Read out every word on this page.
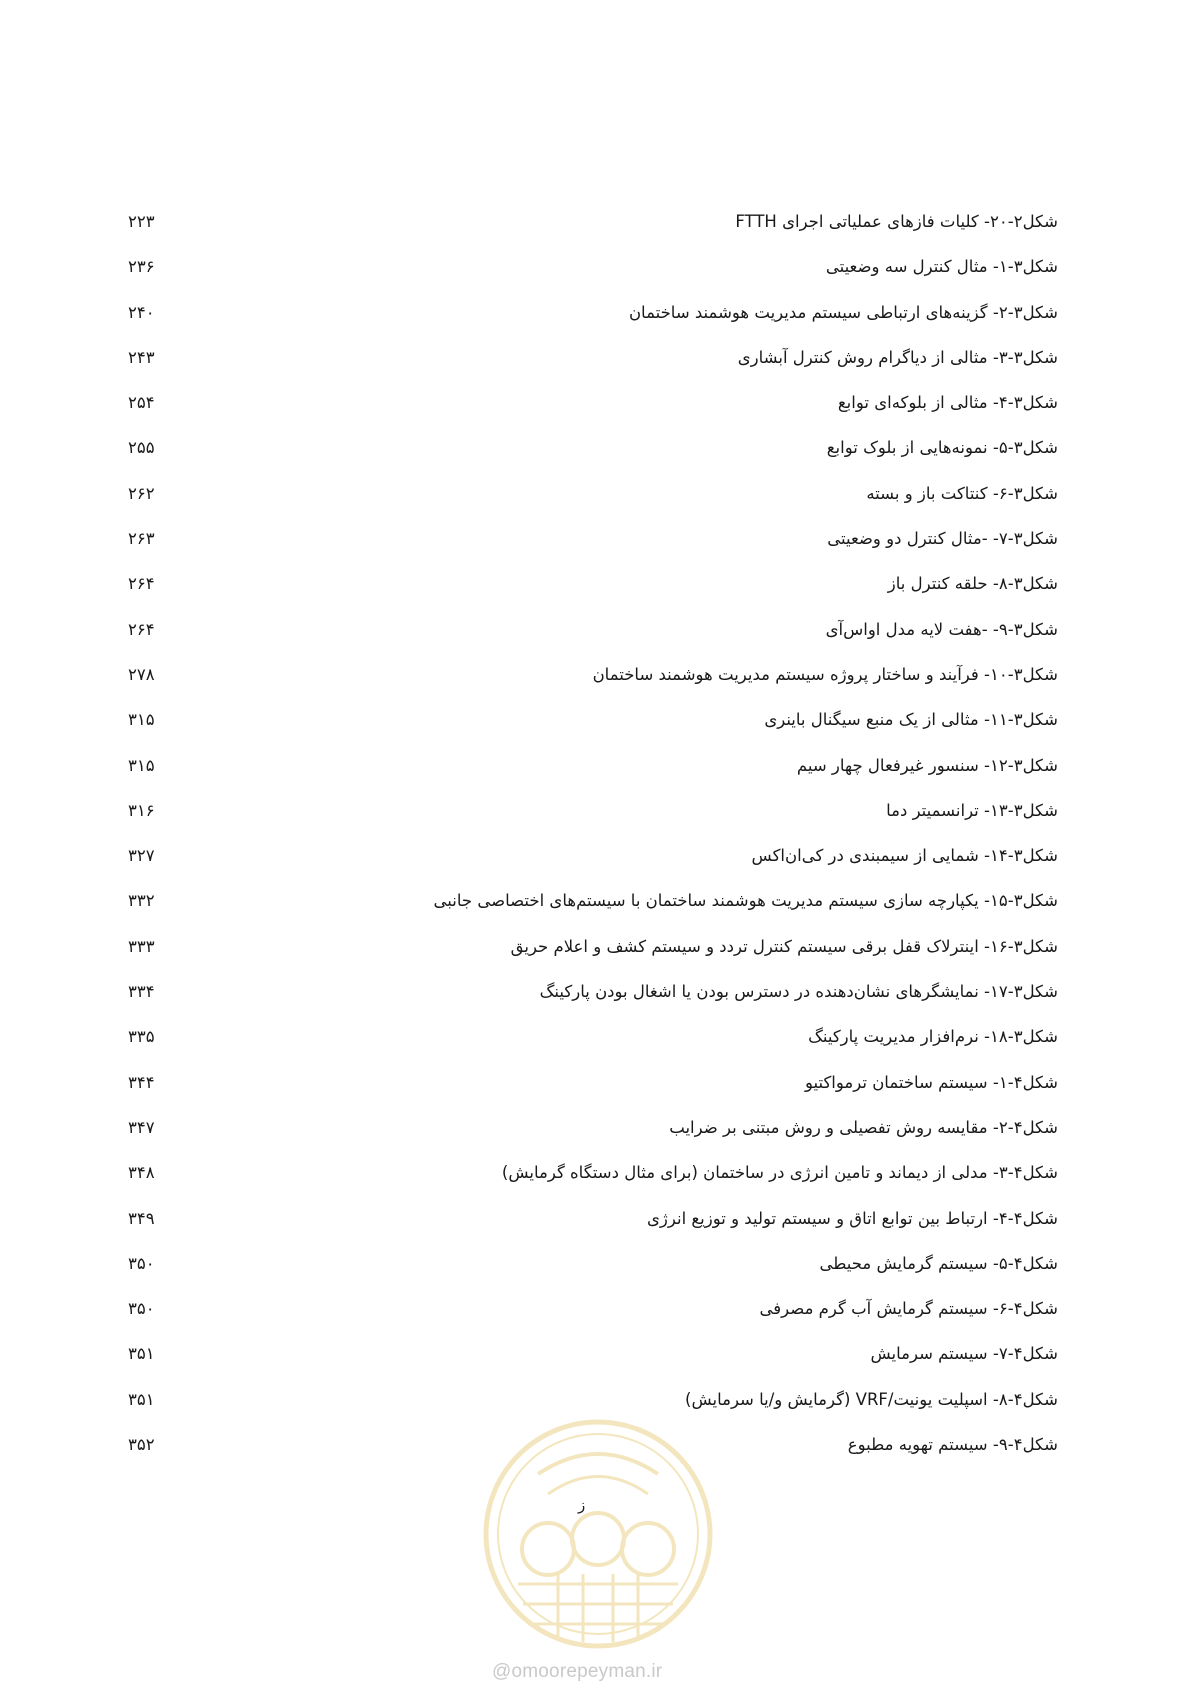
شکل۲-۲۰- کلیات فازهای عملیاتی اجرای FTTH
۲۲۳
شکل۳-۱- مثال کنترل سه وضعیتی
۲۳۶
شکل۳-۲- گزینه‌های ارتباطی سیستم مدیریت هوشمند ساختمان
۲۴۰
شکل۳-۳- مثالی از دیاگرام روش کنترل آبشاری
۲۴۳
شکل۳-۴- مثالی از بلوکه‌ای توابع
۲۵۴
شکل۳-۵- نمونه‌هایی از بلوک توابع
۲۵۵
شکل۳-۶- کنتاکت باز و بسته
۲۶۲
شکل۳-۷- -مثال کنترل دو وضعیتی
۲۶۳
شکل۳-۸- حلقه کنترل باز
۲۶۴
شکل۳-۹- -هفت لایه مدل اواس‌آی
۲۶۴
شکل۳-۱۰- فرآیند و ساختار پروژه سیستم مدیریت هوشمند ساختمان
۲۷۸
شکل۳-۱۱- مثالی از یک منبع سیگنال باینری
۳۱۵
شکل۳-۱۲- سنسور غیرفعال چهار سیم
۳۱۵
شکل۳-۱۳- ترانسمیتر دما
۳۱۶
شکل۳-۱۴- شمایی از سیمبندی در کی‌ان‌اکس
۳۲۷
شکل۳-۱۵- یکپارچه سازی سیستم مدیریت هوشمند ساختمان با سیستم‌های اختصاصی جانبی
۳۳۲
شکل۳-۱۶- اینترلاک قفل برقی سیستم کنترل تردد و سیستم کشف و اعلام حریق
۳۳۳
شکل۳-۱۷- نمایشگرهای نشان‌دهنده در دسترس بودن یا اشغال بودن پارکینگ
۳۳۴
شکل۳-۱۸- نرم‌افزار مدیریت پارکینگ
۳۳۵
شکل۴-۱- سیستم ساختمان ترمواکتیو
۳۴۴
شکل۴-۲- مقایسه روش تفصیلی و روش مبتنی بر ضرایب
۳۴۷
شکل۴-۳- مدلی از دیماند و تامین انرژی در ساختمان (برای مثال دستگاه گرمایش)
۳۴۸
شکل۴-۴- ارتباط بین توابع اتاق و سیستم تولید و توزیع انرژی
۳۴۹
شکل۴-۵- سیستم گرمایش محیطی
۳۵۰
شکل۴-۶- سیستم گرمایش آب گرم مصرفی
۳۵۰
شکل۴-۷- سیستم سرمایش
۳۵۱
شکل۴-۸- اسپلیت یونیت/VRF (گرمایش و/یا سرمایش)
۳۵۱
شکل۴-۹- سیستم تهویه مطبوع
۳۵۲
ز
@omoorepeyman.ir
